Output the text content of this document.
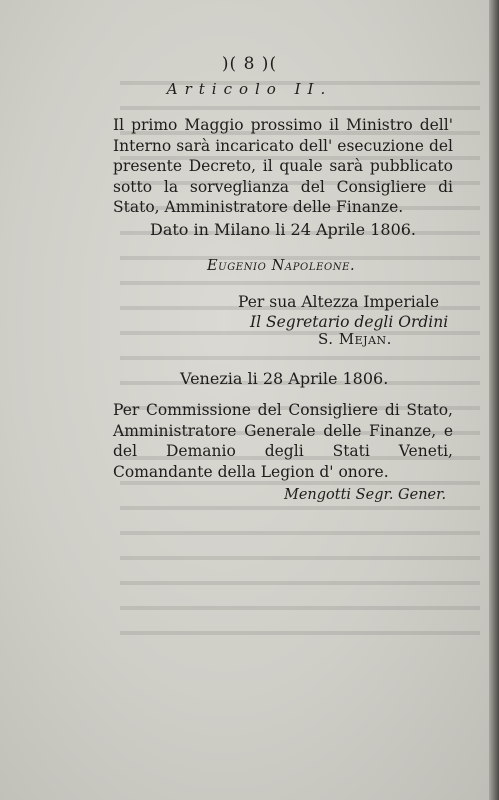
)( 8 )(
Articolo II.
Il primo Maggio prossimo il Ministro dell' Interno sarà incaricato dell' esecuzione del presente Decreto, il quale sarà pubblicato sotto la sorveglianza del Consigliere di Stato, Amministratore delle Finanze.
Dato in Milano li 24 Aprile 1806.
Eugenio Napoleone.
Per sua Altezza Imperiale
Il Segretario degli Ordini
S. Mejan.
Venezia li 28 Aprile 1806.
Per Commissione del Consigliere di Stato, Amministratore Generale delle Finanze, e del Demanio degli Stati Veneti, Comandante della Legion d' onore.
Mengotti Segr. Gener.
